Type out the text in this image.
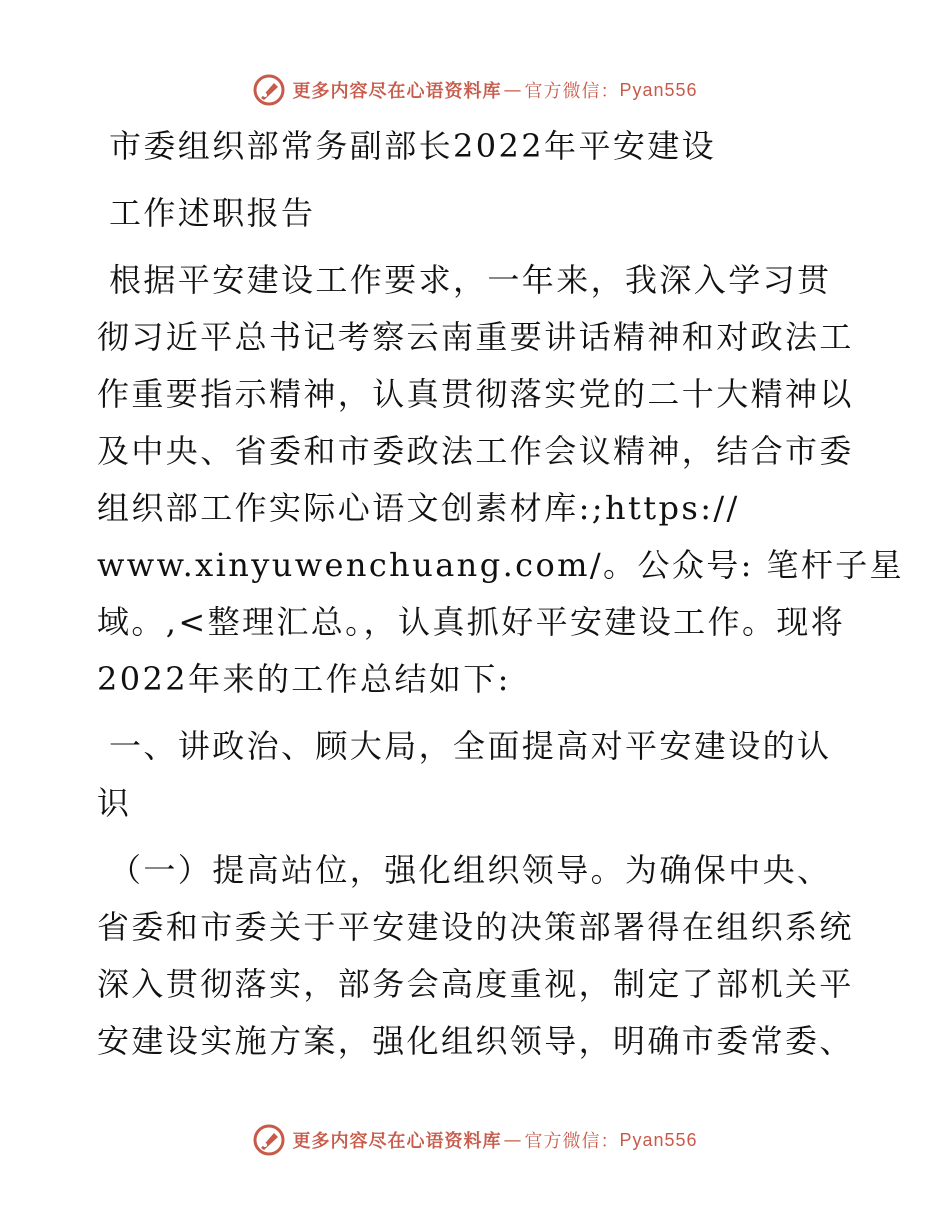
更多内容尽在心语资料库 — 官方微信： Pyan556
市委组织部常务副部长2022年平安建设
工作述职报告
根据平安建设工作要求，一年来，我深入学习贯
彻习近平总书记考察云南重要讲话精神和对政法工
作重要指示精神，认真贯彻落实党的二十大精神以
及中央、省委和市委政法工作会议精神，结合市委
组织部工作实际心语文创素材库:;https://
www.xinyuwenchuang.com/。公众号: 笔杆子星
域。,<整理汇总。，认真抓好平安建设工作。现将
2022年来的工作总结如下:
一、讲政治、顾大局，全面提高对平安建设的认
识
（一）提高站位，强化组织领导。为确保中央、
省委和市委关于平安建设的决策部署得在组织系统
深入贯彻落实，部务会高度重视，制定了部机关平
安建设实施方案，强化组织领导，明确市委常委、
更多内容尽在心语资料库 — 官方微信： Pyan556
